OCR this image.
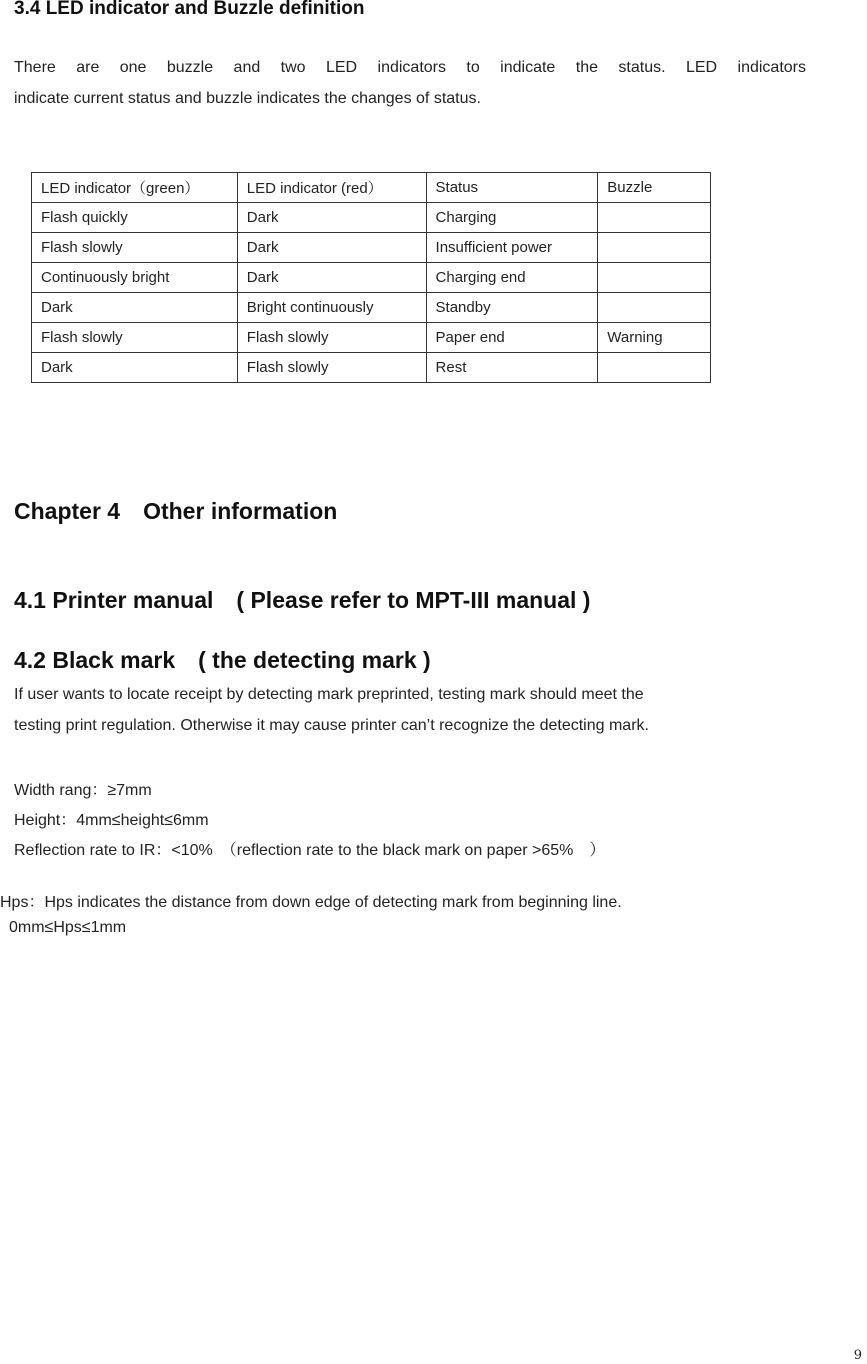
3.4 LED indicator and Buzzle definition
There are one buzzle and two LED indicators to indicate the status. LED indicators
indicate current status and buzzle indicates the changes of status.
LED indicator（green）	LED indicator (red）	Status	Buzzle
Flash quickly	Dark	Charging	
Flash slowly	Dark	Insufficient power	
Continuously bright	Dark	Charging end	
Dark	Bright continuously	Standby	
Flash slowly	Flash slowly	Paper end	Warning
Dark	Flash slowly	Rest	
Chapter 4　Other information
4.1 Printer manual　( Please refer to MPT-III manual )
4.2 Black mark　( the detecting mark )
If user wants to locate receipt by detecting mark preprinted, testing mark should meet the
testing print regulation. Otherwise it may cause printer can’t recognize the detecting mark.
Width rang：≥7mm
Height：4mm≤height≤6mm
Reflection rate to IR：<10%　（reflection rate to the black mark on paper >65%　）
Hps：Hps indicates the distance from down edge of detecting mark from beginning line.
0mm≤Hps≤1mm
9
